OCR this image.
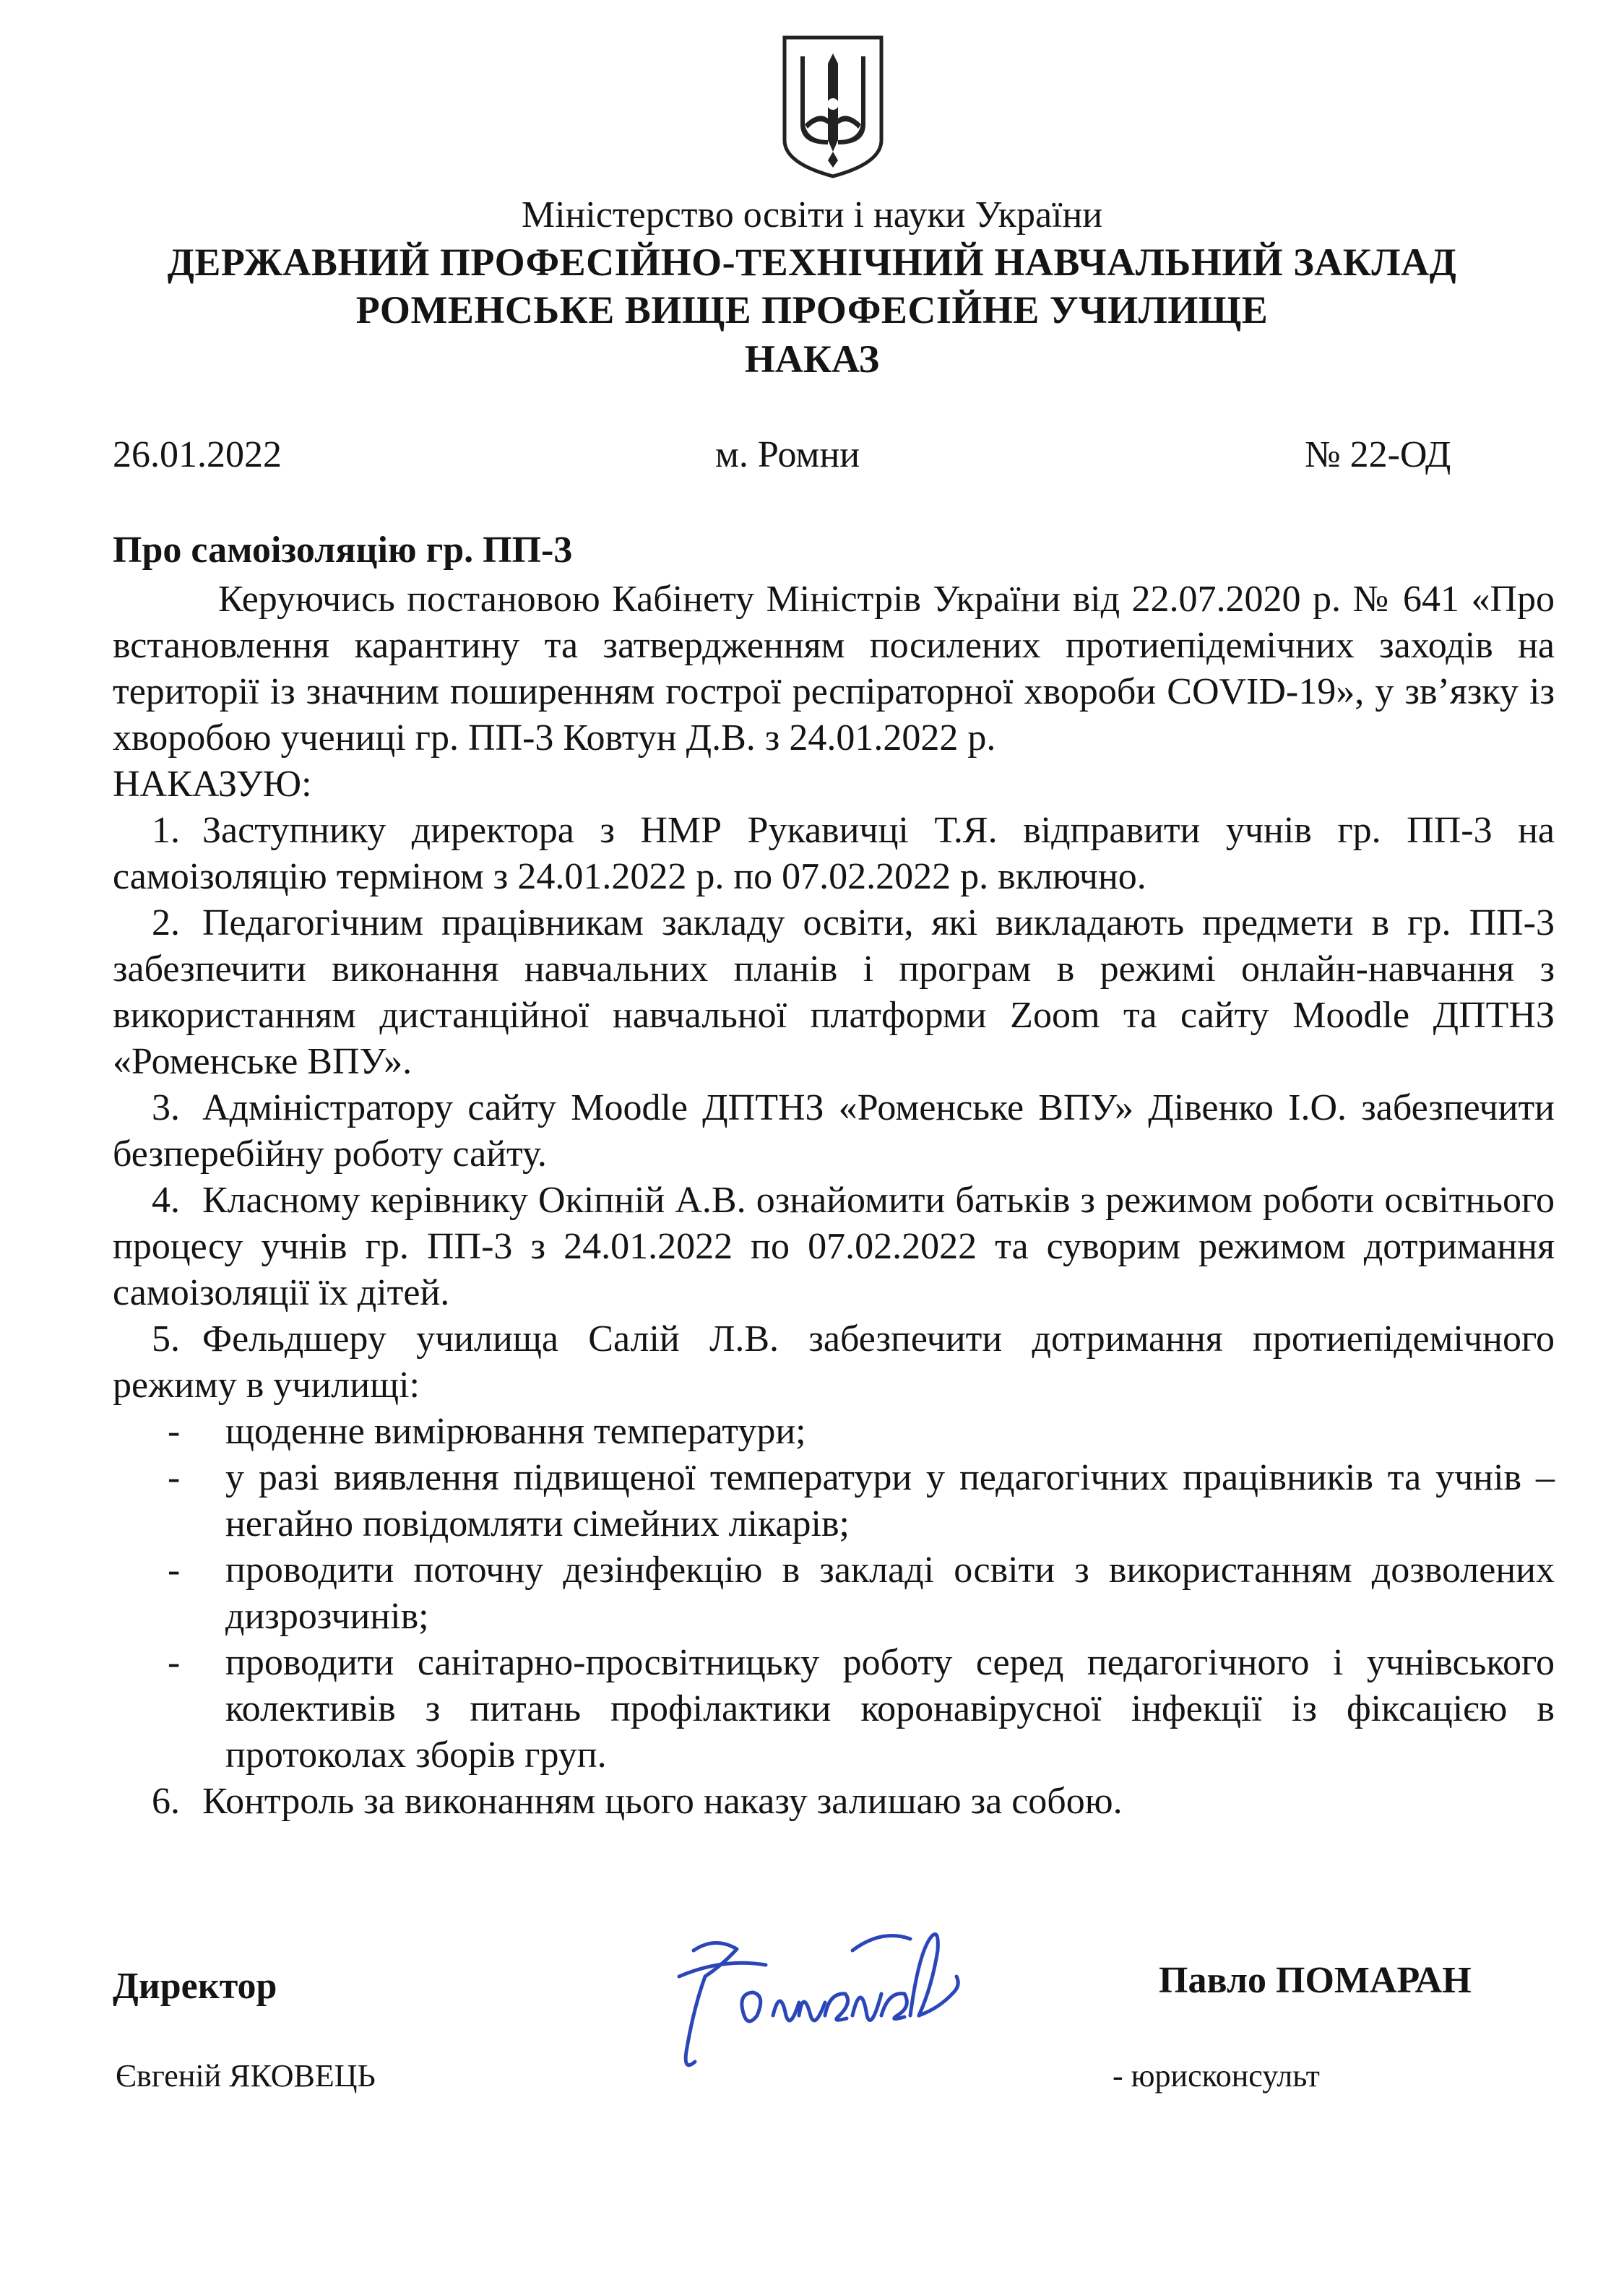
Міністерство освіти і науки України
ДЕРЖАВНИЙ ПРОФЕСІЙНО-ТЕХНІЧНИЙ НАВЧАЛЬНИЙ ЗАКЛАД
РОМЕНСЬКЕ ВИЩЕ ПРОФЕСІЙНЕ УЧИЛИЩЕ
НАКАЗ
26.01.2022	м. Ромни	№ 22-ОД
Про самоізоляцію гр. ПП-3

Керуючись постановою Кабінету Міністрів України від 22.07.2020 р. № 641 «Про встановлення карантину та затвердженням посилених протиепідемічних заходів на території із значним поширенням гострої респіраторної хвороби COVID-19», у зв’язку із хворобою учениці гр. ПП-3 Ковтун Д.В. з 24.01.2022 р.

НАКАЗУЮ:

1. Заступнику директора з НМР Рукавичці Т.Я. відправити учнів гр. ПП-3 на самоізоляцію терміном з 24.01.2022 р. по 07.02.2022 р. включно.
2. Педагогічним працівникам закладу освіти, які викладають предмети в гр. ПП-3 забезпечити виконання навчальних планів і програм в режимі онлайн-навчання з використанням дистанційної навчальної платформи Zoom та сайту Moodle ДПТНЗ «Роменське ВПУ».
3. Адміністратору сайту Moodle ДПТНЗ «Роменське ВПУ» Дівенко І.О. забезпечити безперебійну роботу сайту.
4. Класному керівнику Окіпній А.В. ознайомити батьків з режимом роботи освітнього процесу учнів гр. ПП-3 з 24.01.2022 по 07.02.2022 та суворим режимом дотримання самоізоляції їх дітей.
5. Фельдшеру училища Салій Л.В. забезпечити дотримання протиепідемічного режиму в училищі:
- щоденне вимірювання температури;
- у разі виявлення підвищеної температури у педагогічних працівників та учнів – негайно повідомляти сімейних лікарів;
- проводити поточну дезінфекцію в закладі освіти з використанням дозволених дизрозчинів;
- проводити санітарно-просвітницьку роботу серед педагогічного і учнівського колективів з питань профілактики коронавірусної інфекції із фіксацією в протоколах зборів груп.
6. Контроль за виконанням цього наказу залишаю за собою.
Директор	Павло ПОМАРАН
Євгеній ЯКОВЕЦЬ	- юрисконсульт
